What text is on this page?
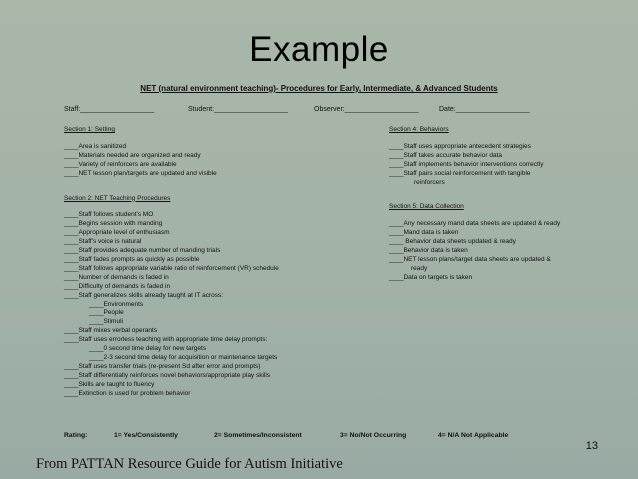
Example
NET (natural environment teaching)- Procedures for Early, Intermediate, & Advanced Students
Staff:___________________	Student:___________________	Observer:___________________	Date:___________________
Section 1: Setting
____Area is sanitized
____Materials needed are organized and ready
____Variety of reinforcers are available
____NET lesson plan/targets are updated and visible
Section 2: NET Teaching Procedures
____Staff follows student's MO
____Begins session with manding
____Appropriate level of enthusiasm
____Staff's voice is natural
____Staff provides adequate number of manding trials
____Staff fades prompts as quickly as possible
____Staff follows appropriate variable ratio of reinforcement (VR) schedule
____Number of demands is faded in
____Difficulty of demands is faded in
____Staff generalizes skills already taught at IT across:
____Environments
____People
____Stimuli
____Staff mixes verbal operants
____Staff uses errorless teaching with appropriate time delay prompts:
____0 second time delay for new targets
____2-3 second time delay for acquisition or maintenance targets
____Staff uses transfer trials (re-present Sd after error and prompts)
____Staff differentially reinforces novel behaviors/appropriate play skills
____Skills are taught to fluency
____Extinction is used for problem behavior
Section 4: Behaviors
____Staff uses appropriate antecedent strategies
____Staff takes accurate behavior data
____Staff implements behavior interventions correctly
____Staff pairs social reinforcement with tangible
reinforcers
Section 5: Data Collection
____Any necessary mand data sheets are updated & ready
____Mand data is taken
____ Behavior data sheets updated & ready
____Behavior data is taken
____NET lesson plans/target data sheets are updated &
ready
____Data on targets is taken
Rating:	1= Yes/Consistently	2= Sometimes/Inconsistent	3= No/Not Occurring	4= N/A Not Applicable
13
From PATTAN Resource Guide for Autism Initiative
